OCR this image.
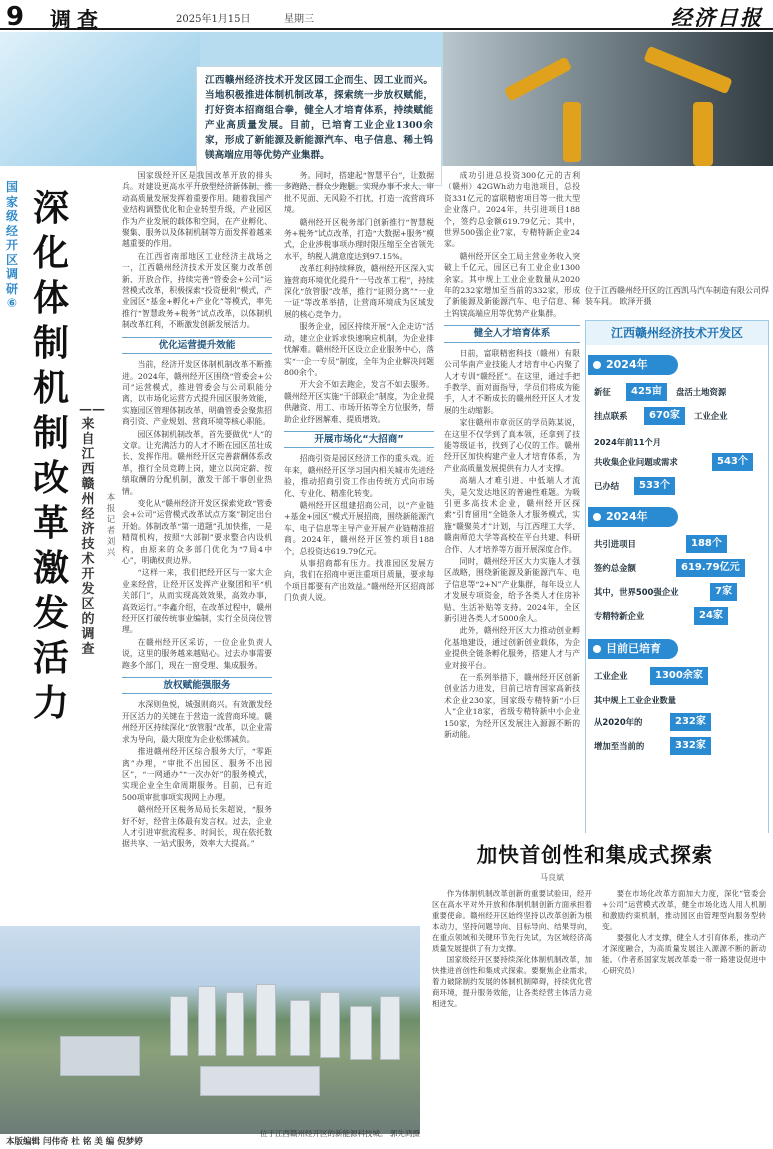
9 调查	2025年1月15日	星期三	经济日报
江西赣州经济技术开发区园工企而生、因工业而兴。当地积极推进体制机制改革，探索统一步放权赋能，打好资本招商组合拳，健全人才培育体系，持续赋能产业高质量发展。目前，已培育工业企业1300余家，形成了新能源及新能源汽车、电子信息、稀土钨镁高端应用等优势产业集群。
国家级经开区调研⑥
深化体制机制改革激发活力
——来自江西赣州经济技术开发区的调查
本报记者 刘 兴

国家级经开区是我国改革开放的排头兵。对建设更高水平开放型经济新体制、推动高质量发展发挥着重要作用。随着我国产业结构调整优化和企业转型升级，产业园区作为产业发展的载体和空间，在产业孵化、聚集、服务以及体制机制等方面发挥着越来越重要的作用。

在江西省南部地区工业经济主战场之一，江西赣州经济技术开发区聚力改革创新、开放合作，持续完善“管委会+公司”运营模式改革，积极探索“投资便利”模式，产业园区“基金+孵化+产业化”等模式，率先推行“智慧政务+税务”试点改革，以体制机制改革红利，不断激发创新发展活力。

优化运营提升效能

当前，经济开发区体制机制改革不断推进。2024年，赣州经开区围绕“管委会+公司”运营模式，推进管委会与公司职能分离，以市场化运营方式提升园区服务效能，实施园区管理体制改革，明确管委会聚焦招商引资、产业规划、营商环境等核心职能。

园区体制机制改革，首先要做优“人”的文章。让充满活力的人才不断在园区茁壮成长、发挥作用。赣州经开区完善薪酬体系改革，推行全员竞聘上岗，建立以岗定薪、按绩取酬的分配机制，激发干部干事创业热情。

变化从“赣州经济开发区探索党政“管委会+公司”运营模式改革试点方案”制定出台开始。体制改革“第一道题”孔加快推，一是精简机构，按照“大部制”要求整合内设机构，由原来的众多部门优化为“7局4中心”，明确权责边界。

“这样一来，我们把经开区与一家大企业来经营，让经开区发挥产业聚团和平“机关部门”，从而实现高效效果，高效办事，高效运行。”李鑫介绍，在改革过程中，赣州经开区打破传统事业编制，实行全员岗位管理。

在赣州经开区采访，一位企业负责人说，这里的服务越来越贴心。过去办事需要跑多个部门，现在一窗受理、集成服务。

放权赋能强服务

水深则鱼悦，城强则商兴。有效激发经开区活力的关键在于营造一流营商环境。赣州经开区持续深化“放管服”改革，以企业需求为导向，最大限度为企业松绑减负。

推进赣州经开区综合服务大厅，“零距离”办理，“审批不出园区、服务不出园区”，“一网通办”“一次办好”的服务模式，实现企业全生命周期服务。目前，已有近500项审批事项实现网上办理。

赣州经开区税务局局长朱超说，“服务好不好，经营主体最有发言权。过去，企业人才引进审批流程多、时间长，现在依托数据共享、一站式服务，效率大大提高。”

务。同时，搭建起“智慧平台”，让数据多跑路、群众少跑腿。实现办事不求人、审批不见面、无风险不打扰，打造一流营商环境。

赣州经开区税务部门创新推行“智慧税务+税务”试点改革，打造“大数据+服务”模式，企业涉税事项办理时限压缩至全省领先水平，纳税人满意度达到97.15%。

改革红利持续释放，赣州经开区深入实施营商环境优化提升“一号改革工程”，持续深化“放管服”改革，推行“证照分离”“一业一证”等改革举措，让营商环境成为区域发展的核心竞争力。

服务企业，园区持续开展“入企走访”活动，建立企业诉求快速响应机制，为企业排忧解难。赣州经开区设立企业服务中心，落实“一企一专员”制度，全年为企业解决问题800余个。

开大会不如去跑企，发言不如去服务。赣州经开区实施“干部联企”制度，为企业提供融资、用工、市场开拓等全方位服务，帮助企业纾困解难、提质增效。

开展市场化“大招商”

招商引资是园区经济工作的重头戏。近年来，赣州经开区学习国内相关城市先进经验，推动招商引资工作由传统方式向市场化、专业化、精准化转变。

赣州经开区组建招商公司，以“产业链+基金+园区”模式开展招商，围绕新能源汽车、电子信息等主导产业开展产业链精准招商。2024年，赣州经开区签约项目188个，总投资达619.79亿元。

从事招商都有压力。找准园区发展方向，我们在招商中更注重项目质量，要求每个项目都要有产出效益。”赣州经开区招商部门负责人说。

成功引进总投资300亿元的吉利（赣州）42GWh动力电池项目，总投资331亿元的富联精密项目等一批大型企业落户。2024年，共引进项目188个，签约总金额619.79亿元；其中，世界500强企业7家，专精特新企业24家。

赣州经开区全工局主营业务收入突破上千亿元，园区已有工业企业1300余家。其中规上工业企业数量从2020年的232家增加至当前的332家，形成了新能源及新能源汽车、电子信息、稀土钨镁高端应用等优势产业集群。

健全人才培育体系

日前，富联精密科技（赣州）有限公司华南产业技能人才培育中心内聚了人才专训“赣经匠”。在这里，通过手把手教学、面对面指导，学员们将成为能手，人才不断成长的赣州经开区人才发展的生动缩影。

家住赣州市章贡区的学员陈某说，在这里不仅学到了真本领，还拿到了技能等级证书，找到了心仪的工作。赣州经开区加快构建产业人才培育体系，为产业高质量发展提供有力人才支撑。

高端人才难引进、中低端人才流失，是欠发达地区的普遍性难题。为吸引更多高技术企业，赣州经开区探索“引育留用”全链条人才服务模式，实施“赣聚英才”计划，与江西理工大学、赣南师范大学等高校在平台共建、科研合作、人才培养等方面开展深度合作。

同时，赣州经开区大力实施人才强区战略，围绕新能源及新能源汽车、电子信息等“2+N”产业集群，每年设立人才发展专项资金，给予各类人才住房补贴、生活补贴等支持。2024年，全区新引进各类人才5000余人。

此外，赣州经开区大力推动创业孵化基地建设，通过创新创业载体，为企业提供全链条孵化服务，搭建人才与产业对接平台。

在一系列举措下，赣州经开区创新创业活力进发，目前已培育国家高新技术企业230家，国家级专精特新“小巨人”企业18家，省级专精特新中小企业150家，为经开区发展注入源源不断的新动能。

位于江西赣州经开区的江西凯马汽车制造有限公司焊装车间。 欧泽开摄
江西赣州经济技术开发区
2024年
新征	425亩	盘活土地资源
挂点联系	670家	工业企业
2024年前11个月
共收集企业问题或需求	543个
已办结	533个
2024年
共引进项目	188个
签约总金额	619.79亿元
其中，世界500强企业	7家
专精特新企业	24家
目前已培育
工业企业	1300余家
其中规上工业企业数量
从2020年的	232家
增加至当前的	332家
位于江西赣州经开区的新能源科技城。 郭先鸿摄
加快首创性和集成式探索
马良斌

作为体制机制改革创新的重要试验田，经开区在高水平对外开放和体制机制创新方面承担着重要使命。赣州经开区始终坚持以改革创新为根本动力，坚持问题导向、目标导向、结果导向，在重点领域和关键环节先行先试，为区域经济高质量发展提供了有力支撑。

国家级经开区要持续深化体制机制改革，加快推进首创性和集成式探索。要聚焦企业需求，着力破除制约发展的体制机制障碍，持续优化营商环境，提升服务效能，让各类经营主体活力竞相迸发。

要在市场化改革方面加大力度，深化“管委会+公司”运营模式改革，健全市场化选人用人机制和激励约束机制，推动园区由管理型向服务型转变。

要强化人才支撑，健全人才引育体系，推动产才深度融合，为高质量发展注入源源不断的新动能。（作者系国家发展改革委一带一路建设促进中心研究员）

本版编辑 闫伟奇 杜 铭 美 编 倪梦婷
